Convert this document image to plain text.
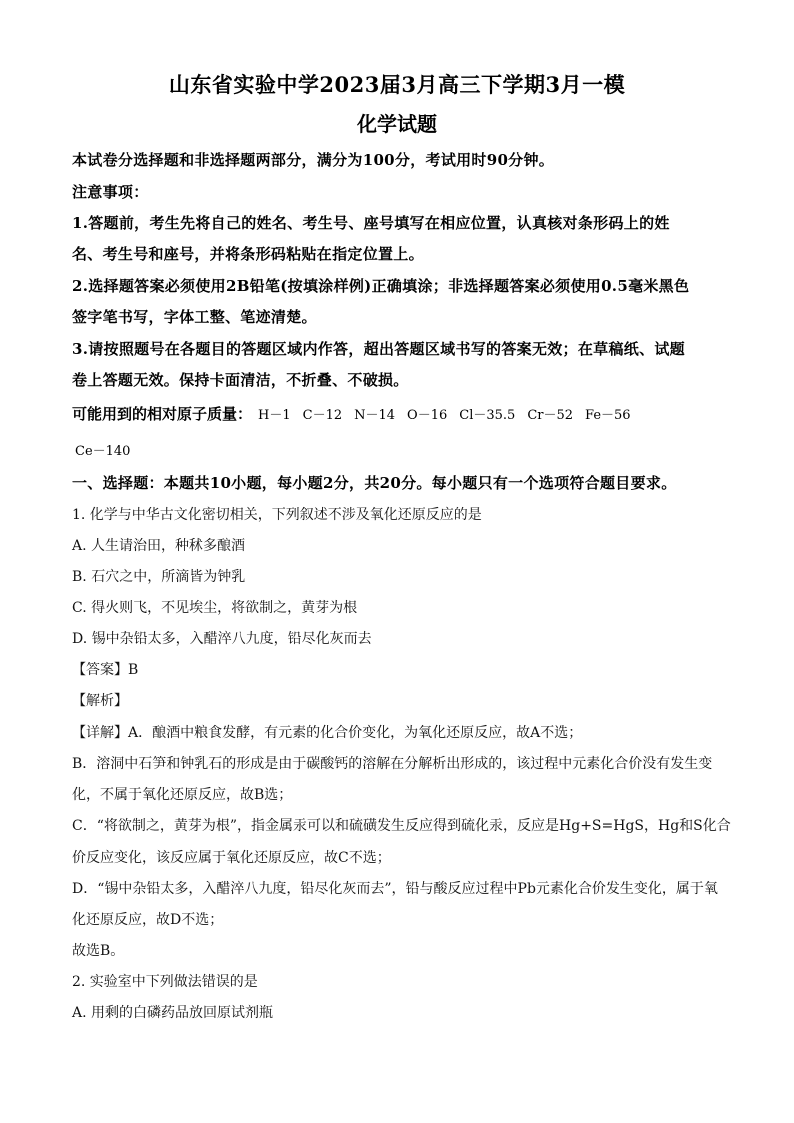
山东省实验中学2023届3月高三下学期3月一模
化学试题
本试卷分选择题和非选择题两部分，满分为100分，考试用时90分钟。
注意事项：
1.答题前，考生先将自己的姓名、考生号、座号填写在相应位置，认真核对条形码上的姓
名、考生号和座号，并将条形码粘贴在指定位置上。
2.选择题答案必须使用2B铅笔(按填涂样例)正确填涂；非选择题答案必须使用0.5毫米黑色
签字笔书写，字体工整、笔迹清楚。
3.请按照题号在各题目的答题区域内作答，超出答题区域书写的答案无效；在草稿纸、试题
卷上答题无效。保持卡面清洁，不折叠、不破损。
可能用到的相对原子质量： H－1 C－12 N－14 O－16 Cl－35.5 Cr－52 Fe－56
Ce－140
一、选择题：本题共10小题，每小题2分，共20分。每小题只有一个选项符合题目要求。
1. 化学与中华古文化密切相关，下列叙述不涉及氧化还原反应的是
A. 人生请治田，种秫多酿酒
B. 石穴之中，所滴皆为钟乳
C. 得火则飞，不见埃尘，将欲制之，黄芽为根
D. 锡中杂铅太多，入醋淬八九度，铅尽化灰而去
【答案】B
【解析】
【详解】A．酿酒中粮食发酵，有元素的化合价变化，为氧化还原反应，故A不选；
B．溶洞中石笋和钟乳石的形成是由于碳酸钙的溶解在分解析出形成的，该过程中元素化合价没有发生变
化，不属于氧化还原反应，故B选；
C．“将欲制之，黄芽为根”，指金属汞可以和硫磺发生反应得到硫化汞，反应是Hg+S=HgS，Hg和S化合
价反应变化，该反应属于氧化还原反应，故C不选；
D．“锡中杂铅太多，入醋淬八九度，铅尽化灰而去”，铅与酸反应过程中Pb元素化合价发生变化，属于氧
化还原反应，故D不选；
故选B。
2. 实验室中下列做法错误的是
A. 用剩的白磷药品放回原试剂瓶
